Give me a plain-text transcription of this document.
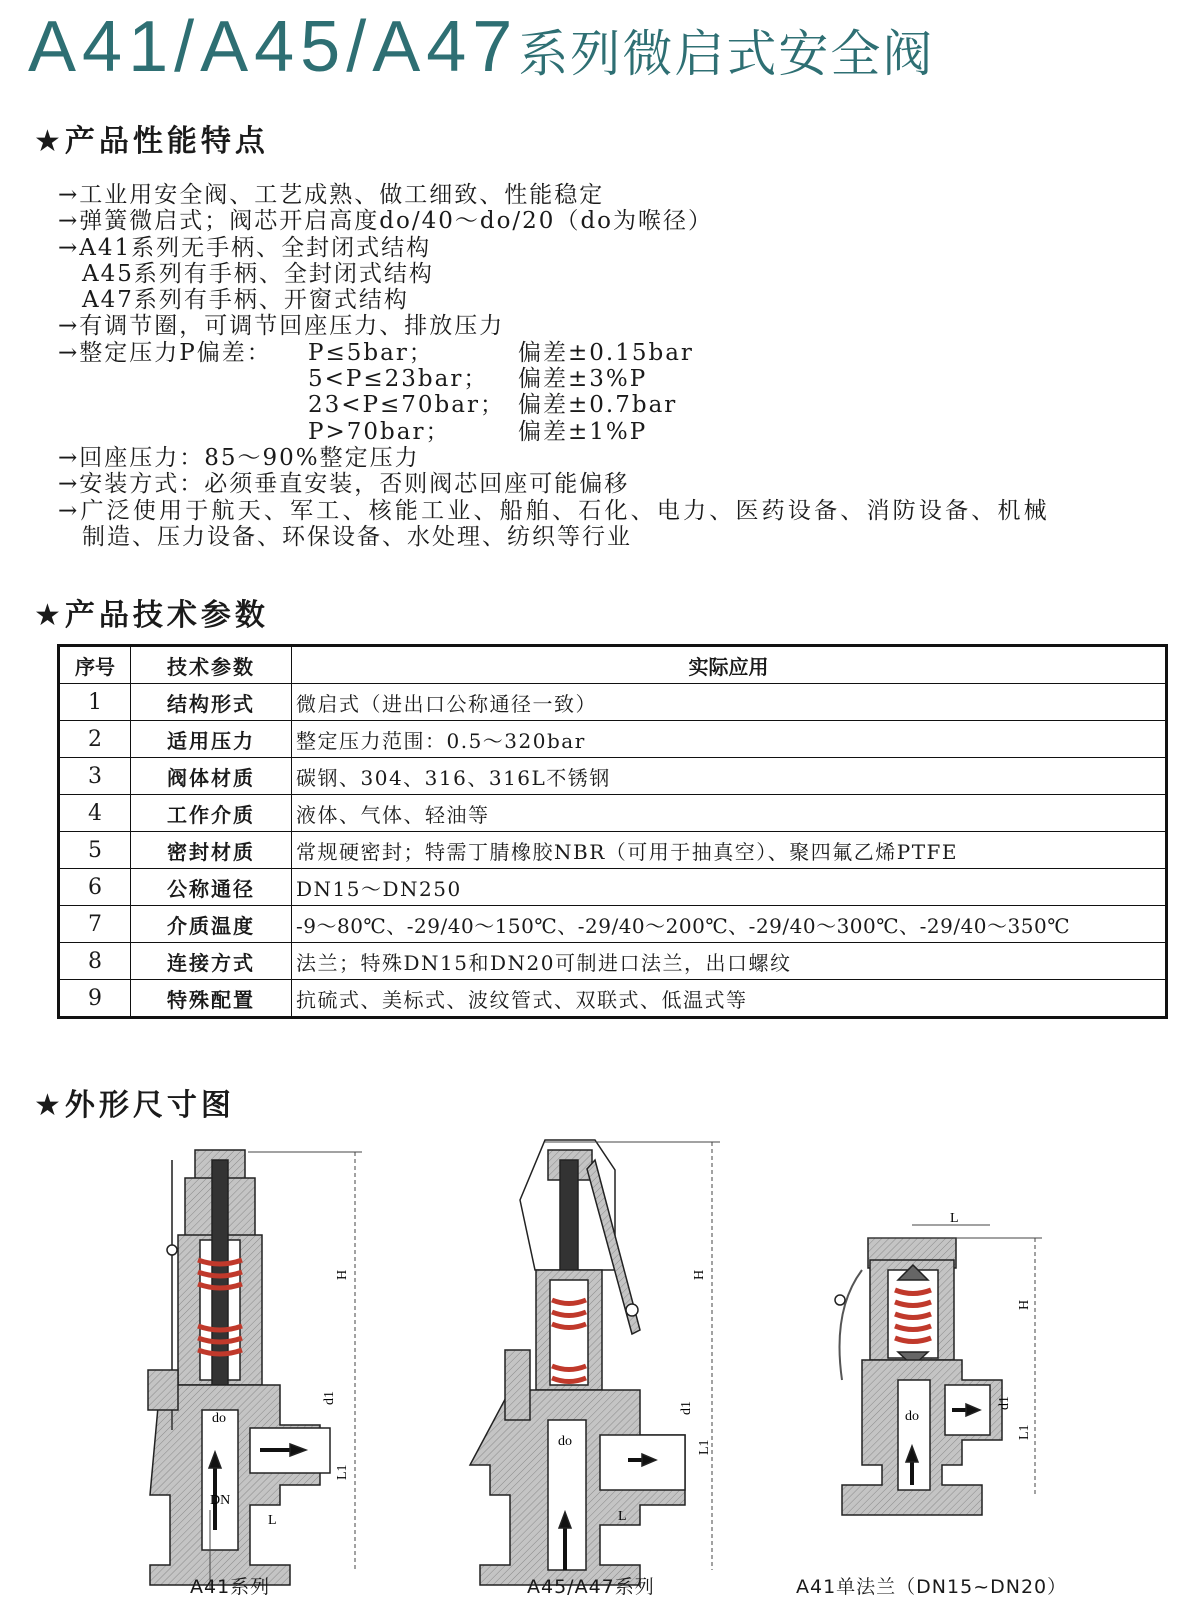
A41/A45/A47系列微启式安全阀
★产品性能特点
→工业用安全阀、工艺成熟、做工细致、性能稳定
→弹簧微启式；阀芯开启高度do/40～do/20（do为喉径）
→A41系列无手柄、全封闭式结构
A45系列有手柄、全封闭式结构
A47系列有手柄、开窗式结构
→有调节圈，可调节回座压力、排放压力
→整定压力P偏差： P≤5bar；	偏差±0.15bar
5<P≤23bar； 偏差±3%P
23<P≤70bar； 偏差±0.7bar
P>70bar；	偏差±1%P
→回座压力：85～90%整定压力
→安装方式：必须垂直安装，否则阀芯回座可能偏移
→广泛使用于航天、军工、核能工业、船舶、石化、电力、医药设备、消防设备、机械
制造、压力设备、环保设备、水处理、纺织等行业
★产品技术参数
序号	技术参数	实际应用
1	结构形式	微启式（进出口公称通径一致）
2	适用压力	整定压力范围：0.5～320bar
3	阀体材质	碳钢、304、316、316L不锈钢
4	工作介质	液体、气体、轻油等
5	密封材质	常规硬密封；特需丁腈橡胶NBR（可用于抽真空）、聚四氟乙烯PTFE
6	公称通径	DN15～DN250
7	介质温度	-9～80℃、-29/40～150℃、-29/40～200℃、-29/40～300℃、-29/40～350℃
8	连接方式	法兰；特殊DN15和DN20可制进口法兰，出口螺纹
9	特殊配置	抗硫式、美标式、波纹管式、双联式、低温式等
★外形尺寸图
H
L1
d1
do
DN
L
H
d1
L1
do
L
L
H
d1
L1
do
A41系列	A45/A47系列	A41单法兰（DN15~DN20）
